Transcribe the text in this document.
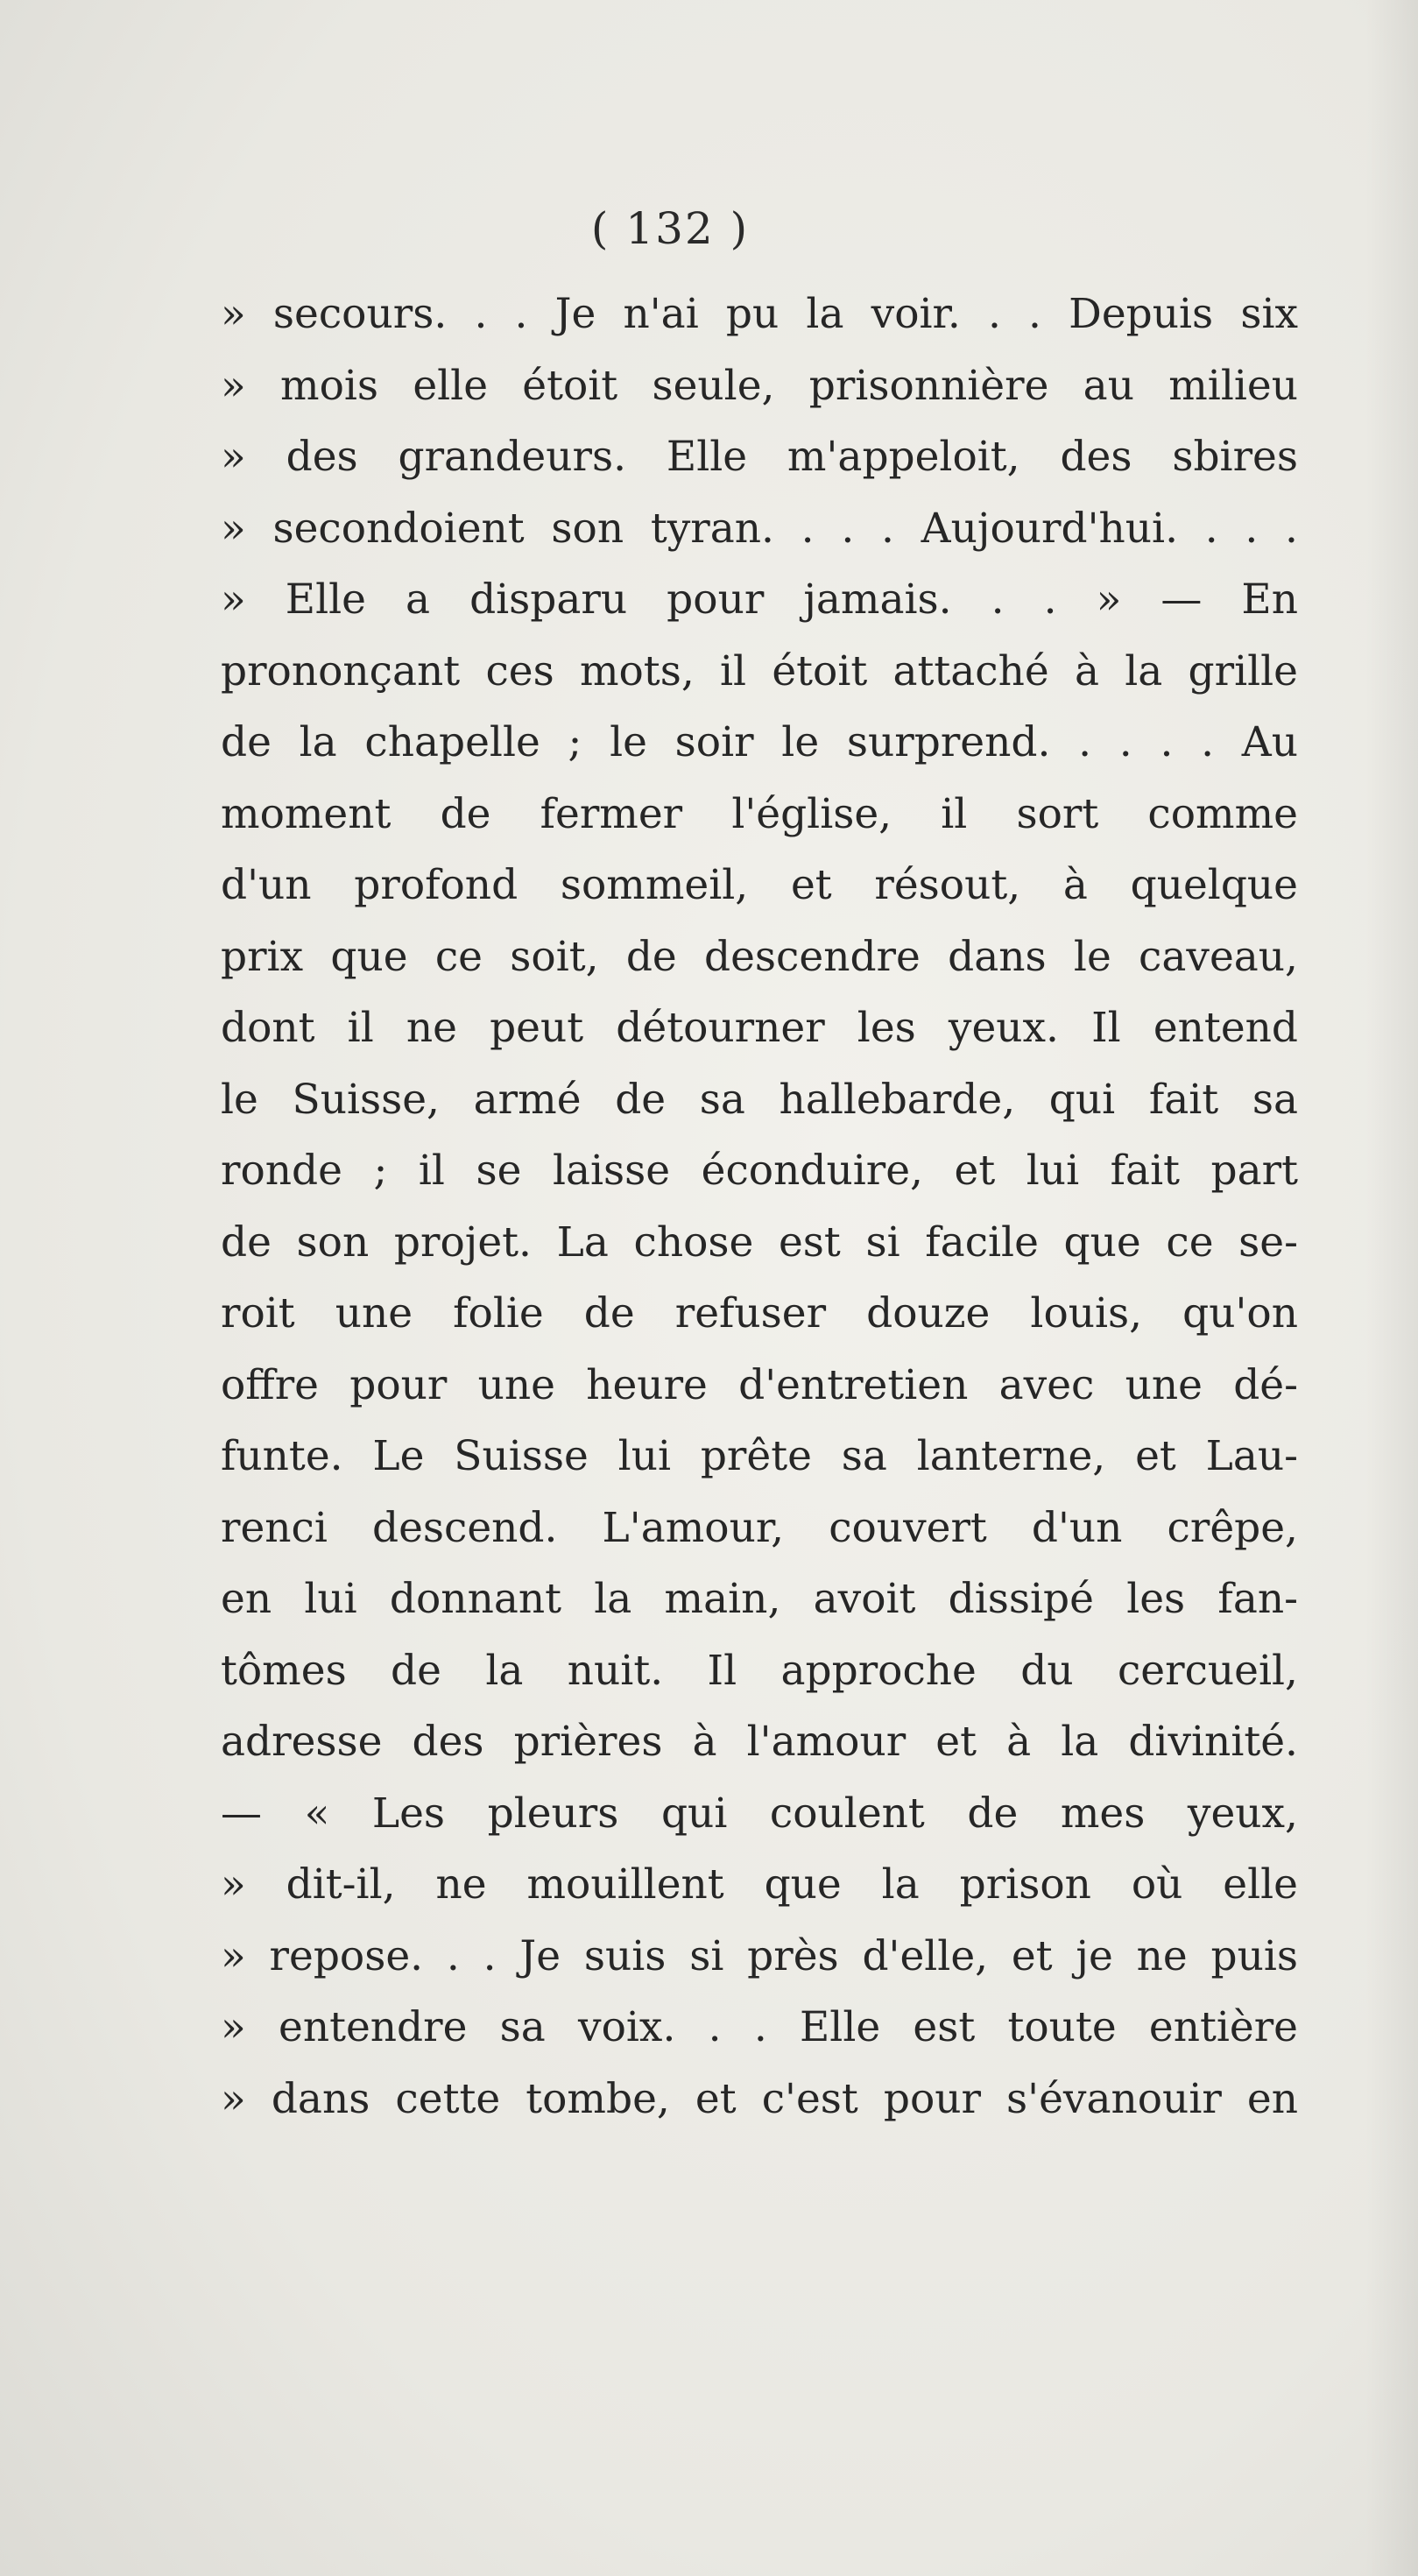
( 132 )
» secours. . . Je n'ai pu la voir. . . Depuis six
» mois elle étoit seule, prisonnière au milieu
» des grandeurs. Elle m'appeloit, des sbires
» secondoient son tyran. . . . Aujourd'hui. . . .
» Elle a disparu pour jamais. . . » — En
prononçant ces mots, il étoit attaché à la grille
de la chapelle ; le soir le surprend. . . . . Au
moment de fermer l'église, il sort comme
d'un profond sommeil, et résout, à quelque
prix que ce soit, de descendre dans le caveau,
dont il ne peut détourner les yeux. Il entend
le Suisse, armé de sa hallebarde, qui fait sa
ronde ; il se laisse éconduire, et lui fait part
de son projet. La chose est si facile que ce se-
roit une folie de refuser douze louis, qu'on
offre pour une heure d'entretien avec une dé-
funte. Le Suisse lui prête sa lanterne, et Lau-
renci descend. L'amour, couvert d'un crêpe,
en lui donnant la main, avoit dissipé les fan-
tômes de la nuit. Il approche du cercueil,
adresse des prières à l'amour et à la divinité.
— « Les pleurs qui coulent de mes yeux,
» dit-il, ne mouillent que la prison où elle
» repose. . . Je suis si près d'elle, et je ne puis
» entendre sa voix. . . Elle est toute entière
» dans cette tombe, et c'est pour s'évanouir en
